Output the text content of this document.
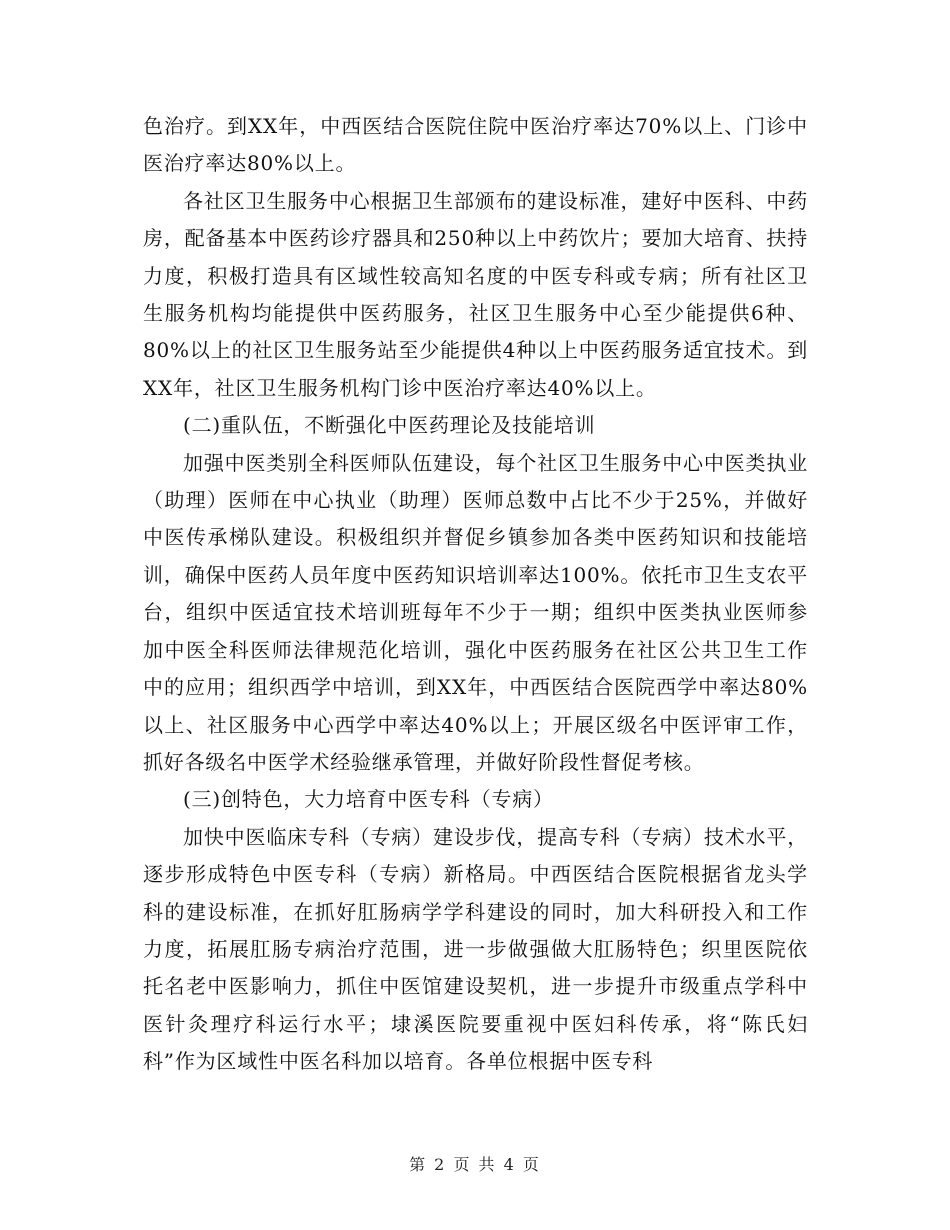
色治疗。到XX年，中西医结合医院住院中医治疗率达70%以上、门诊中医治疗率达80%以上。

各社区卫生服务中心根据卫生部颁布的建设标准，建好中医科、中药房，配备基本中医药诊疗器具和250种以上中药饮片；要加大培育、扶持力度，积极打造具有区域性较高知名度的中医专科或专病；所有社区卫生服务机构均能提供中医药服务，社区卫生服务中心至少能提供6种、80%以上的社区卫生服务站至少能提供4种以上中医药服务适宜技术。到XX年，社区卫生服务机构门诊中医治疗率达40%以上。

(二)重队伍，不断强化中医药理论及技能培训

加强中医类别全科医师队伍建设，每个社区卫生服务中心中医类执业（助理）医师在中心执业（助理）医师总数中占比不少于25%，并做好中医传承梯队建设。积极组织并督促乡镇参加各类中医药知识和技能培训，确保中医药人员年度中医药知识培训率达100%。依托市卫生支农平台，组织中医适宜技术培训班每年不少于一期；组织中医类执业医师参加中医全科医师法律规范化培训，强化中医药服务在社区公共卫生工作中的应用；组织西学中培训，到XX年，中西医结合医院西学中率达80%以上、社区服务中心西学中率达40%以上；开展区级名中医评审工作，抓好各级名中医学术经验继承管理，并做好阶段性督促考核。

(三)创特色，大力培育中医专科（专病）

加快中医临床专科（专病）建设步伐，提高专科（专病）技术水平，逐步形成特色中医专科（专病）新格局。中西医结合医院根据省龙头学科的建设标准，在抓好肛肠病学学科建设的同时，加大科研投入和工作力度，拓展肛肠专病治疗范围，进一步做强做大肛肠特色；织里医院依托名老中医影响力，抓住中医馆建设契机，进一步提升市级重点学科中医针灸理疗科运行水平；埭溪医院要重视中医妇科传承，将“陈氏妇科”作为区域性中医名科加以培育。各单位根据中医专科

第 2 页 共 4 页
